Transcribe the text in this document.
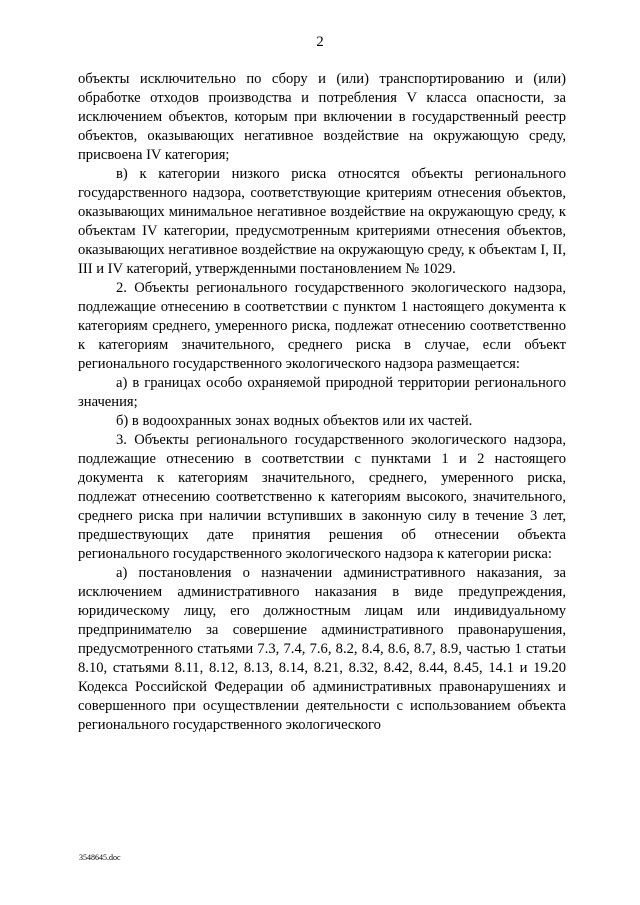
2

объекты исключительно по сбору и (или) транспортированию и (или) обработке отходов производства и потребления V класса опасности, за исключением объектов, которым при включении в государственный реестр объектов, оказывающих негативное воздействие на окружающую среду, присвоена IV категория;

в) к категории низкого риска относятся объекты регионального государственного надзора, соответствующие критериям отнесения объектов, оказывающих минимальное негативное воздействие на окружающую среду, к объектам IV категории, предусмотренным критериями отнесения объектов, оказывающих негативное воздействие на окружающую среду, к объектам I, II, III и IV категорий, утвержденными постановлением № 1029.

2. Объекты регионального государственного экологического надзора, подлежащие отнесению в соответствии с пунктом 1 настоящего документа к категориям среднего, умеренного риска, подлежат отнесению соответственно к категориям значительного, среднего риска в случае, если объект регионального государственного экологического надзора размещается:

а) в границах особо охраняемой природной территории регионального значения;

б) в водоохранных зонах водных объектов или их частей.

3. Объекты регионального государственного экологического надзора, подлежащие отнесению в соответствии с пунктами 1 и 2 настоящего документа к категориям значительного, среднего, умеренного риска, подлежат отнесению соответственно к категориям высокого, значительного, среднего риска при наличии вступивших в законную силу в течение 3 лет, предшествующих дате принятия решения об отнесении объекта регионального государственного экологического надзора к категории риска:

а) постановления о назначении административного наказания, за исключением административного наказания в виде предупреждения, юридическому лицу, его должностным лицам или индивидуальному предпринимателю за совершение административного правонарушения, предусмотренного статьями 7.3, 7.4, 7.6, 8.2, 8.4, 8.6, 8.7, 8.9, частью 1 статьи 8.10, статьями 8.11, 8.12, 8.13, 8.14, 8.21, 8.32, 8.42, 8.44, 8.45, 14.1 и 19.20 Кодекса Российской Федерации об административных правонарушениях и совершенного при осуществлении деятельности с использованием объекта регионального государственного экологического

3548645.doc
